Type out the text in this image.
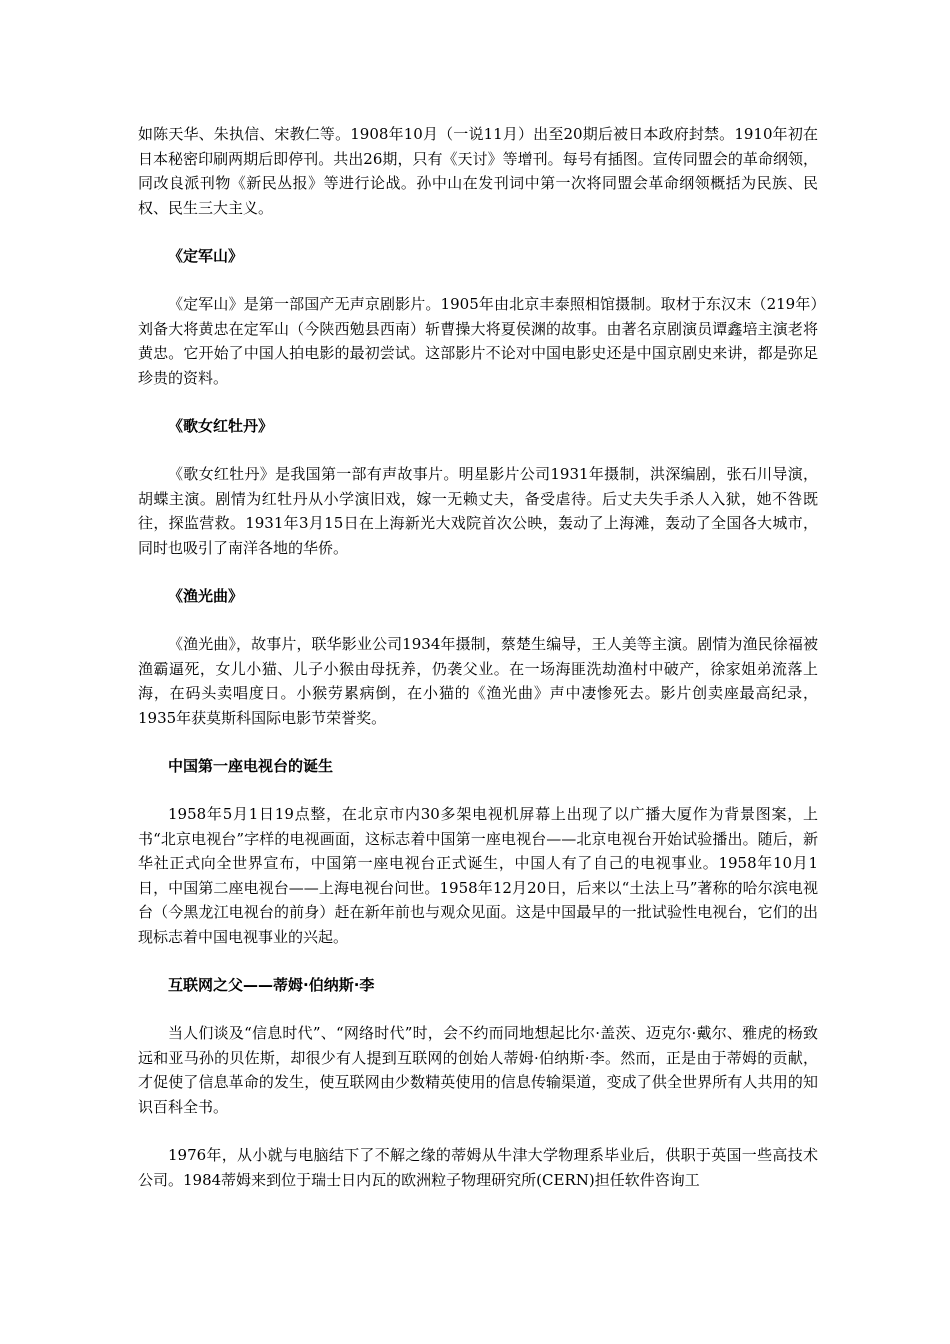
如陈天华、朱执信、宋教仁等。1908年10月（一说11月）出至20期后被日本政府封禁。1910年初在日本秘密印刷两期后即停刊。共出26期，只有《天讨》等增刊。每号有插图。宣传同盟会的革命纲领，同改良派刊物《新民丛报》等进行论战。孙中山在发刊词中第一次将同盟会革命纲领概括为民族、民权、民生三大主义。

《定军山》

《定军山》是第一部国产无声京剧影片。1905年由北京丰泰照相馆摄制。取材于东汉末（219年）刘备大将黄忠在定军山（今陕西勉县西南）斩曹操大将夏侯渊的故事。由著名京剧演员谭鑫培主演老将黄忠。它开始了中国人拍电影的最初尝试。这部影片不论对中国电影史还是中国京剧史来讲，都是弥足珍贵的资料。

《歌女红牡丹》

《歌女红牡丹》是我国第一部有声故事片。明星影片公司1931年摄制，洪深编剧，张石川导演，胡蝶主演。剧情为红牡丹从小学演旧戏，嫁一无赖丈夫，备受虐待。后丈夫失手杀人入狱，她不咎既往，探监营救。1931年3月15日在上海新光大戏院首次公映，轰动了上海滩，轰动了全国各大城市，同时也吸引了南洋各地的华侨。

《渔光曲》

《渔光曲》，故事片，联华影业公司1934年摄制，蔡楚生编导，王人美等主演。剧情为渔民徐福被渔霸逼死，女儿小猫、儿子小猴由母抚养，仍袭父业。在一场海匪洗劫渔村中破产，徐家姐弟流落上海，在码头卖唱度日。小猴劳累病倒，在小猫的《渔光曲》声中凄惨死去。影片创卖座最高纪录，1935年获莫斯科国际电影节荣誉奖。

中国第一座电视台的诞生

1958年5月1日19点整，在北京市内30多架电视机屏幕上出现了以广播大厦作为背景图案，上书“北京电视台”字样的电视画面，这标志着中国第一座电视台——北京电视台开始试验播出。随后，新华社正式向全世界宣布，中国第一座电视台正式诞生，中国人有了自己的电视事业。1958年10月1日，中国第二座电视台——上海电视台问世。1958年12月20日，后来以“土法上马”著称的哈尔滨电视台（今黑龙江电视台的前身）赶在新年前也与观众见面。这是中国最早的一批试验性电视台，它们的出现标志着中国电视事业的兴起。

互联网之父——蒂姆·伯纳斯·李

当人们谈及“信息时代”、“网络时代”时，会不约而同地想起比尔·盖茨、迈克尔·戴尔、雅虎的杨致远和亚马孙的贝佐斯，却很少有人提到互联网的创始人蒂姆·伯纳斯·李。然而，正是由于蒂姆的贡献，才促使了信息革命的发生，使互联网由少数精英使用的信息传输渠道，变成了供全世界所有人共用的知识百科全书。

1976年，从小就与电脑结下了不解之缘的蒂姆从牛津大学物理系毕业后，供职于英国一些高技术公司。1984蒂姆来到位于瑞士日内瓦的欧洲粒子物理研究所(CERN)担任软件咨询工
